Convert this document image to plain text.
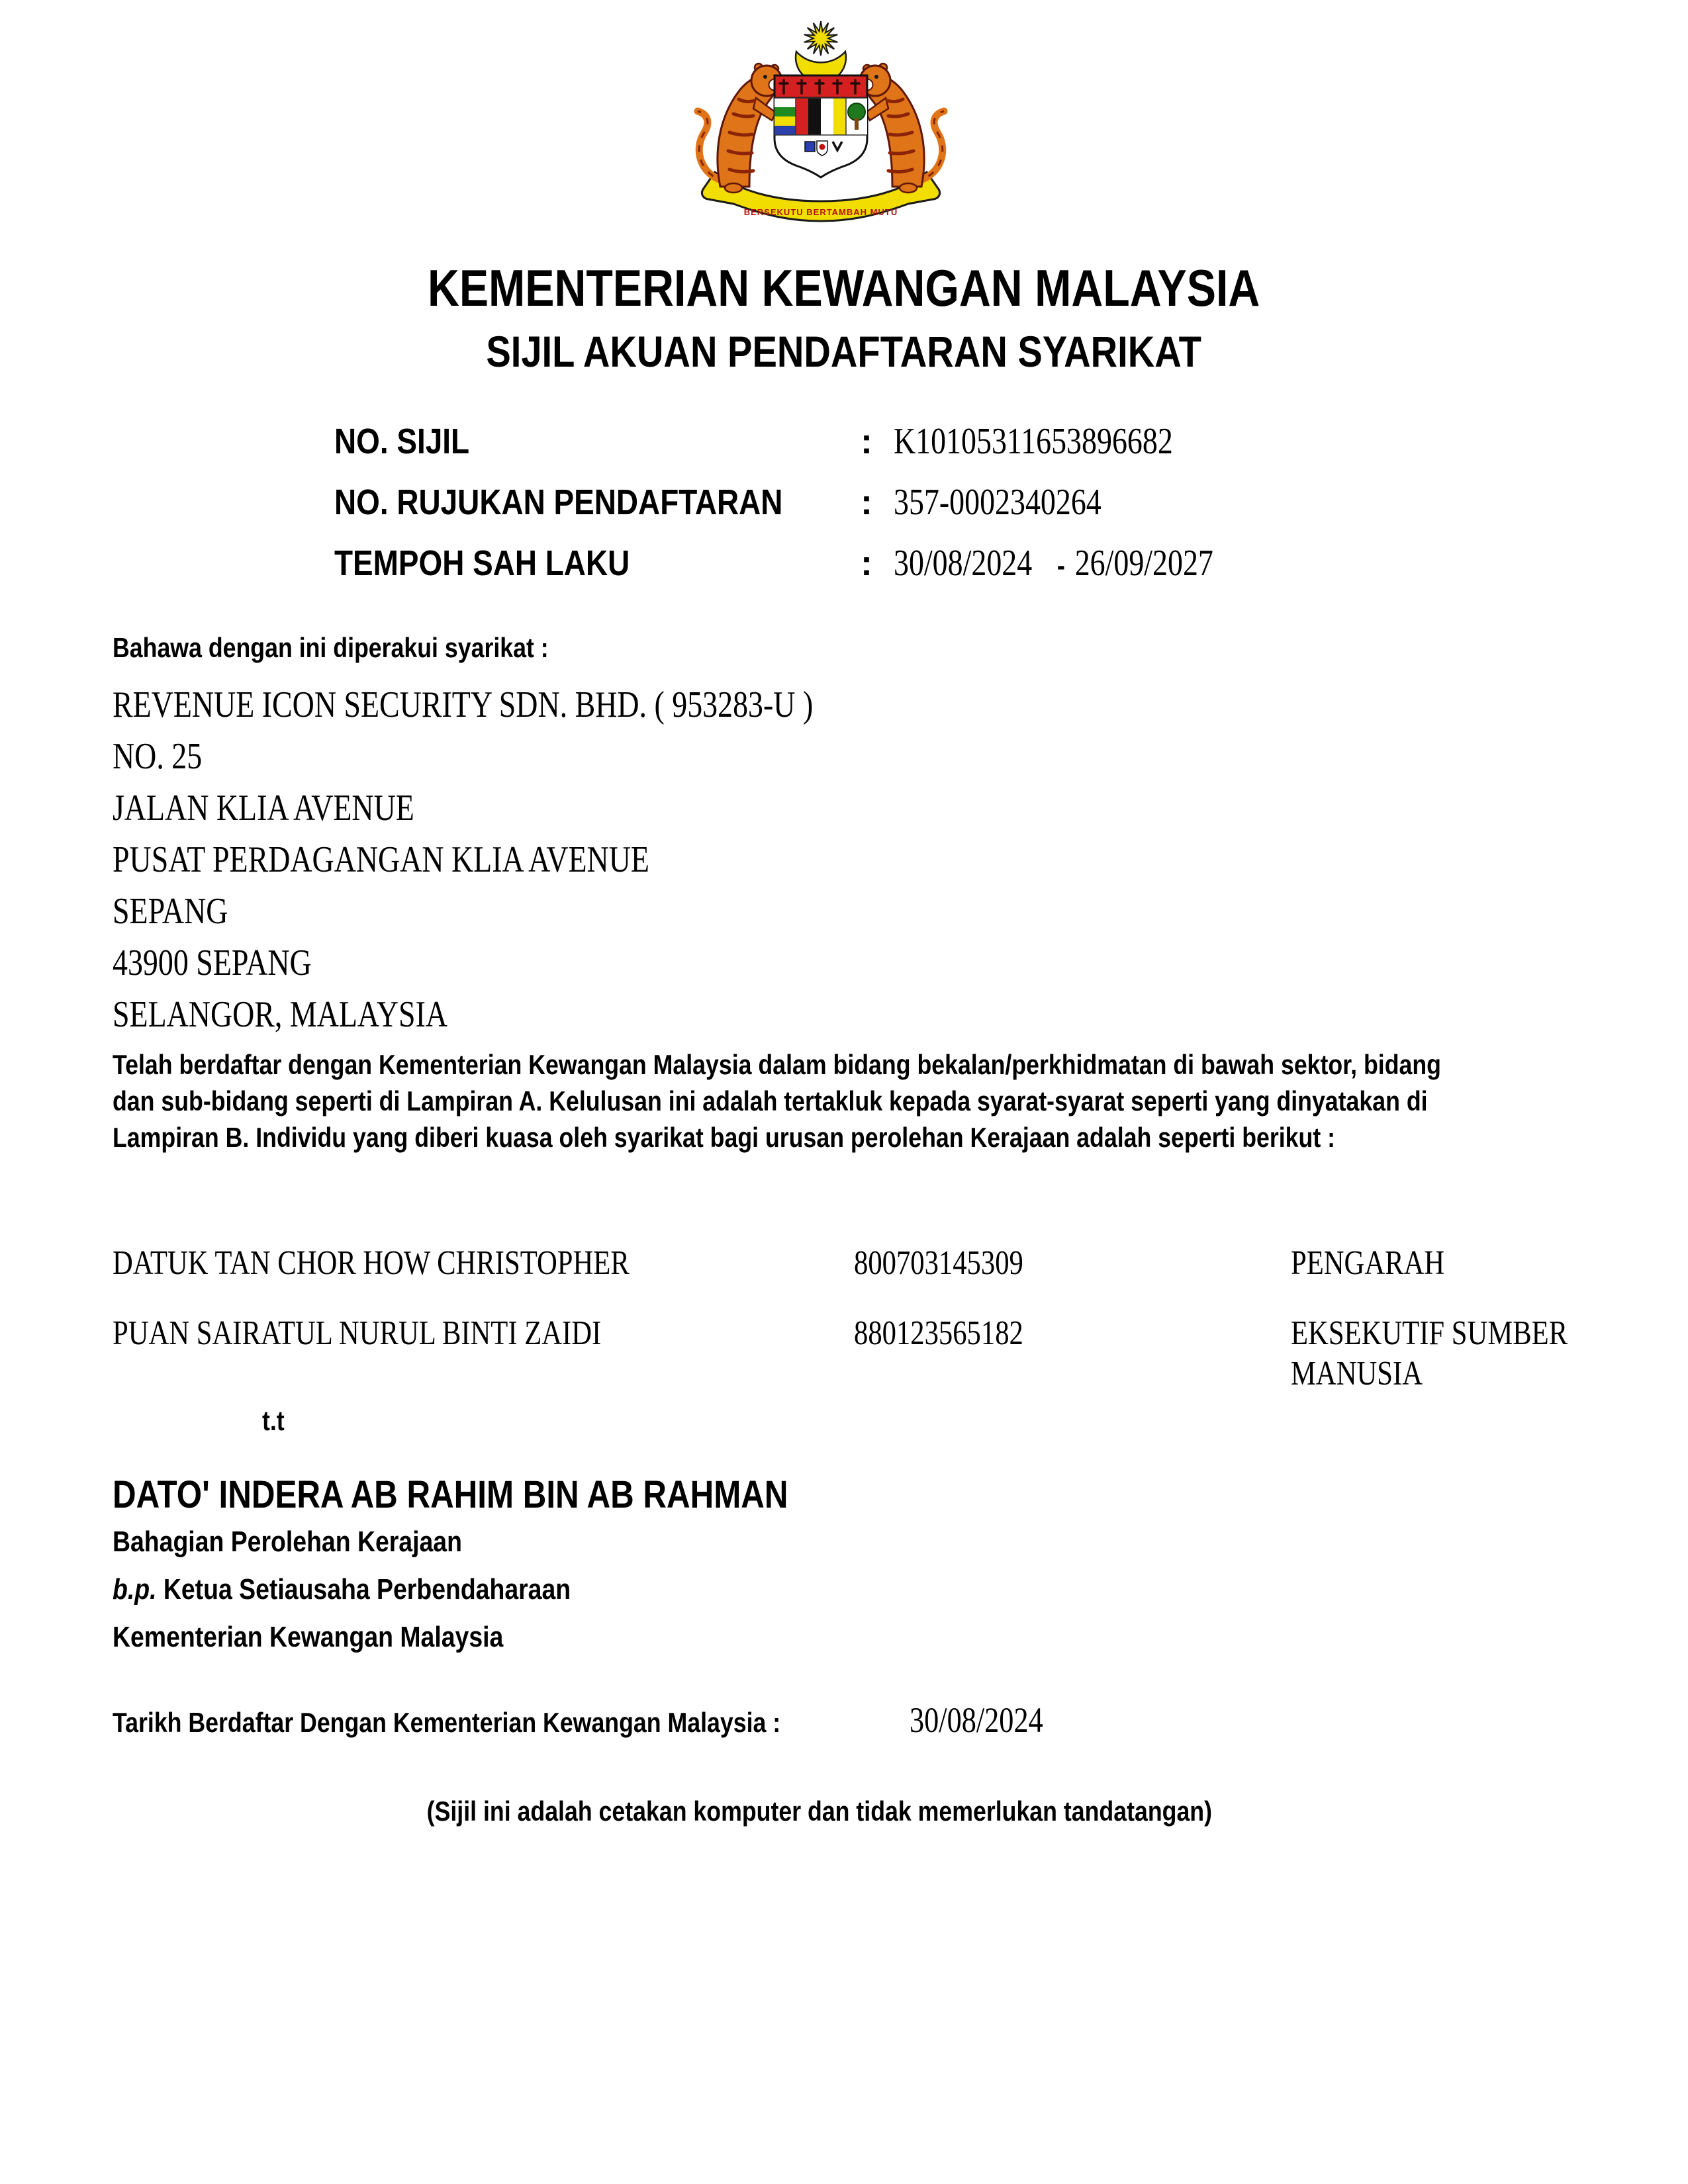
BERSEKUTU BERTAMBAH MUTU
KEMENTERIAN KEWANGAN MALAYSIA
SIJIL AKUAN PENDAFTARAN SYARIKAT
NO. SIJIL	: K10105311653896682
NO. RUJUKAN PENDAFTARAN : 357-0002340264
TEMPOH SAH LAKU	: 30/08/2024 - 26/09/2027
Bahawa dengan ini diperakui syarikat :
REVENUE ICON SECURITY SDN. BHD. ( 953283-U )
NO. 25
JALAN KLIA AVENUE
PUSAT PERDAGANGAN KLIA AVENUE
SEPANG
43900 SEPANG
SELANGOR, MALAYSIA
Telah berdaftar dengan Kementerian Kewangan Malaysia dalam bidang bekalan/perkhidmatan di bawah sektor, bidang
dan sub-bidang seperti di Lampiran A. Kelulusan ini adalah tertakluk kepada syarat-syarat seperti yang dinyatakan di
Lampiran B. Individu yang diberi kuasa oleh syarikat bagi urusan perolehan Kerajaan adalah seperti berikut :
DATUK TAN CHOR HOW CHRISTOPHER	800703145309	PENGARAH
PUAN SAIRATUL NURUL BINTI ZAIDI	880123565182	EKSEKUTIF SUMBER MANUSIA
t.t
DATO' INDERA AB RAHIM BIN AB RAHMAN
Bahagian Perolehan Kerajaan
b.p. Ketua Setiausaha Perbendaharaan
Kementerian Kewangan Malaysia
Tarikh Berdaftar Dengan Kementerian Kewangan Malaysia :	30/08/2024
(Sijil ini adalah cetakan komputer dan tidak memerlukan tandatangan)
